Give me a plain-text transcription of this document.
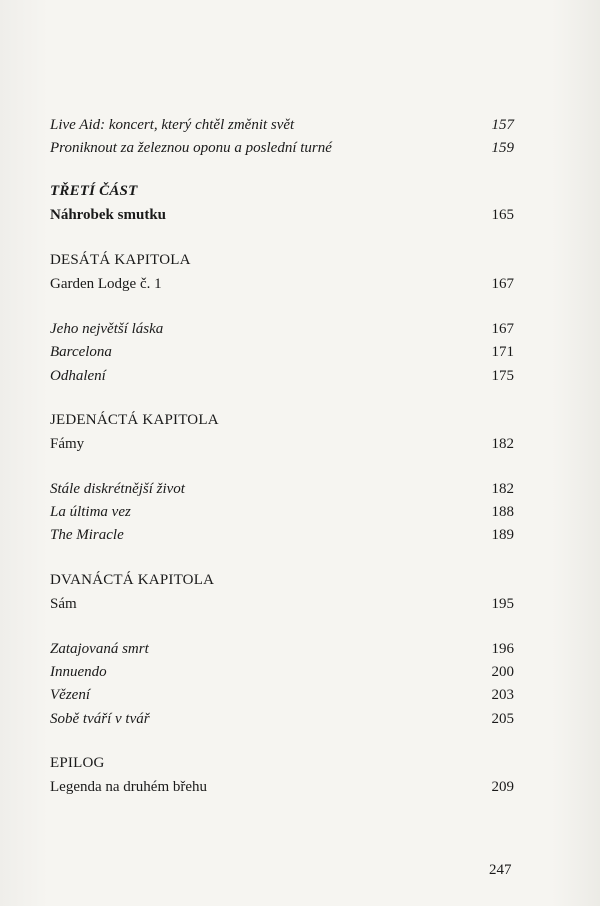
Live Aid: koncert, který chtěl změnit svět	157
Proniknout za železnou oponu a poslední turné	159
TŘETÍ ČÁST
Náhrobek smutku	165
DESÁTÁ KAPITOLA
Garden Lodge č. 1	167
Jeho největší láska	167
Barcelona	171
Odhalení	175
JEDENÁCTÁ KAPITOLA
Fámy	182
Stále diskrétnější život	182
La última vez	188
The Miracle	189
DVANÁCTÁ KAPITOLA
Sám	195
Zatajovaná smrt	196
Innuendo	200
Vězení	203
Sobě tváří v tvář	205
EPILOG
Legenda na druhém břehu	209
247
